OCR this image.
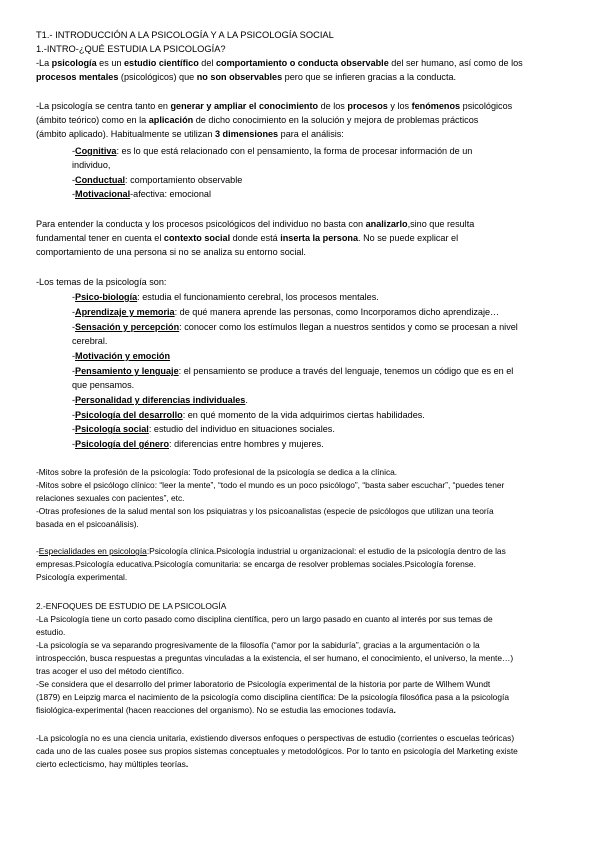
T1.- INTRODUCCIÓN A LA PSICOLOGÍA Y A LA PSICOLOGÍA SOCIAL
1.-INTRO-¿QUÉ ESTUDIA LA PSICOLOGÍA?
-La psicología es un estudio científico del comportamiento o conducta observable del ser humano, así como de los
procesos mentales (psicológicos) que no son observables pero que se infieren gracias a la conducta.
-La psicología se centra tanto en generar y ampliar el conocimiento de los procesos y los fenómenos psicológicos
(ámbito teórico) como en la aplicación de dicho conocimiento en la solución y mejora de problemas prácticos
(ámbito aplicado). Habitualmente se utilizan 3 dimensiones para el análisis:
-Cognitiva: es lo que está relacionado con el pensamiento, la forma de procesar información de un
individuo,
-Conductual: comportamiento observable
-Motivacional-afectiva: emocional
Para entender la conducta y los procesos psicológicos del individuo no basta con analizarlo,sino que resulta
fundamental tener en cuenta el contexto social donde está inserta la persona. No se puede explicar el
comportamiento de una persona si no se analiza su entorno social.
-Los temas de la psicología son:
-Psico-biología: estudia el funcionamiento cerebral, los procesos mentales.
-Aprendizaje y memoria: de qué manera aprende las personas, como Incorporamos dicho aprendizaje…
-Sensación y percepción: conocer como los estímulos llegan a nuestros sentidos y como se procesan a nivel
cerebral.
-Motivación y emoción
-Pensamiento y lenguaje: el pensamiento se produce a través del lenguaje, tenemos un código que es en el
que pensamos.
-Personalidad y diferencias individuales.
-Psicología del desarrollo: en qué momento de la vida adquirimos ciertas habilidades.
-Psicología social: estudio del individuo en situaciones sociales.
-Psicología del género: diferencias entre hombres y mujeres.
-Mitos sobre la profesión de la psicología: Todo profesional de la psicología se dedica a la clínica.
-Mitos sobre el psicólogo clínico: “leer la mente”, “todo el mundo es un poco psicólogo”, “basta saber escuchar”, “puedes tener
relaciones sexuales con pacientes”, etc.
-Otras profesiones de la salud mental son los psiquiatras y los psicoanalistas (especie de psicólogos que utilizan una teoría
basada en el psicoanálisis).
-Especialidades en psicología:Psicología clínica.Psicología industrial u organizacional: el estudio de la psicología dentro de las
empresas.Psicología educativa.Psicología comunitaria: se encarga de resolver problemas sociales.Psicología forense.
Psicología experimental.
2.-ENFOQUES DE ESTUDIO DE LA PSICOLOGÍA
-La Psicología tiene un corto pasado como disciplina científica, pero un largo pasado en cuanto al interés por sus temas de
estudio.
-La psicología se va separando progresivamente de la filosofía (“amor por la sabiduría”, gracias a la argumentación o la
introspección, busca respuestas a preguntas vinculadas a la existencia, el ser humano, el conocimiento, el universo, la mente…)
tras acoger el uso del método científico.
-Se considera que el desarrollo del primer laboratorio de Psicología experimental de la historia por parte de Wilhem Wundt
(1879) en Leipzig marca el nacimiento de la psicología como disciplina científica: De la psicología filosófica pasa a la psicología
fisiológica-experimental (hacen reacciones del organismo). No se estudia las emociones todavía.
-La psicología no es una ciencia unitaria, existiendo diversos enfoques o perspectivas de estudio (corrientes o escuelas teóricas)
cada uno de las cuales posee sus propios sistemas conceptuales y metodológicos. Por lo tanto en psicología del Marketing existe
cierto eclecticismo, hay múltiples teorías.
